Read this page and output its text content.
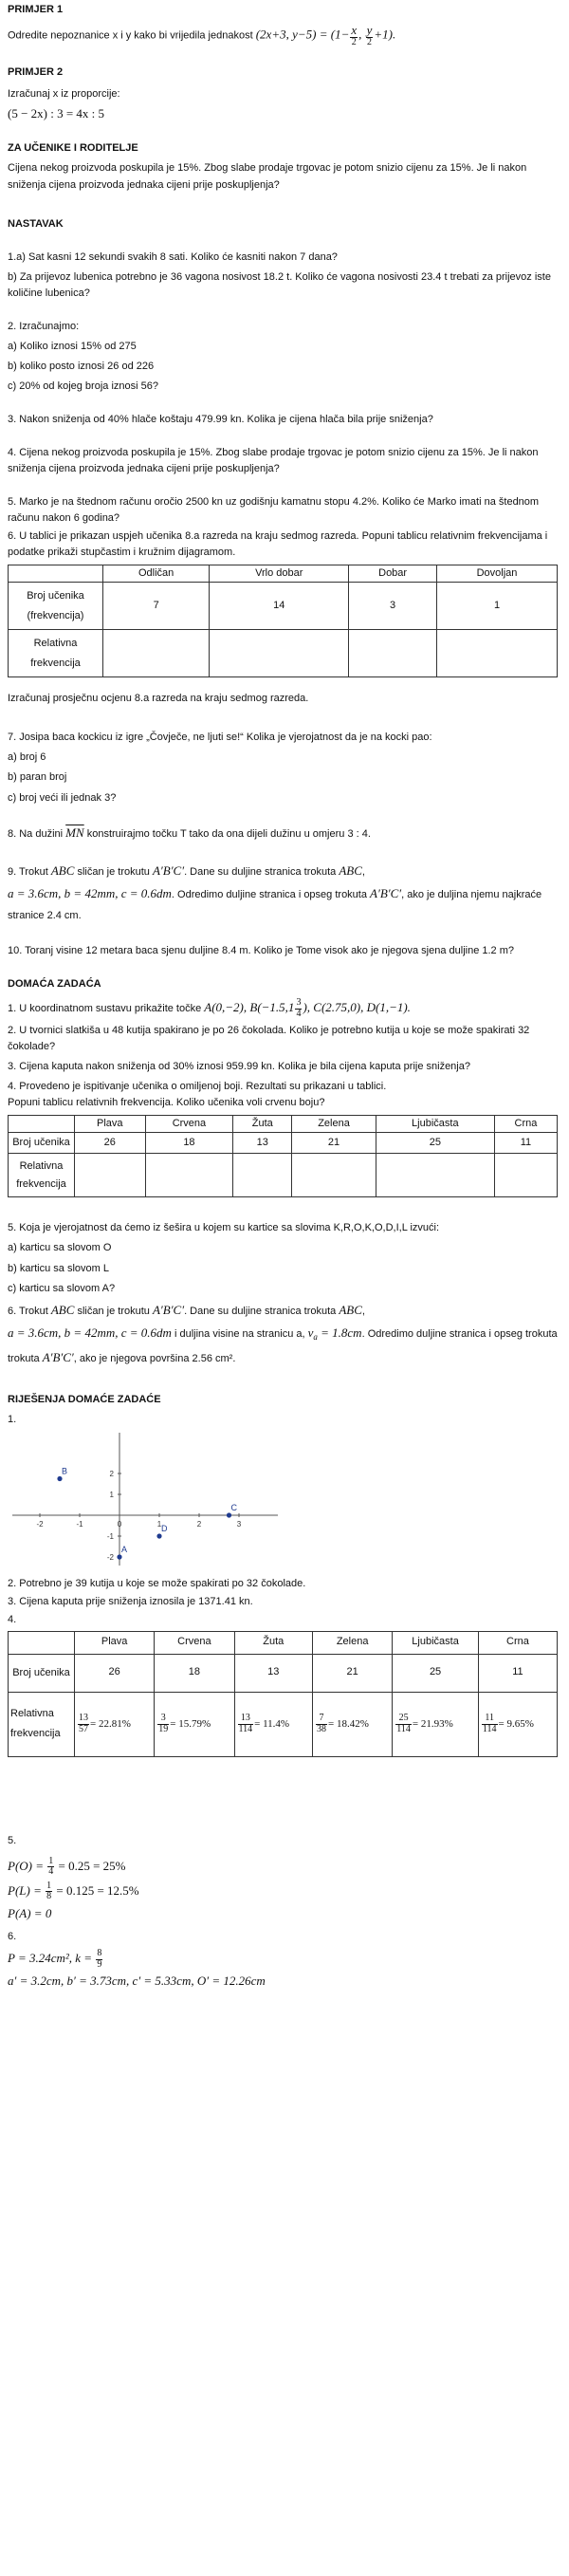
PRIMJER 1
Odredite nepoznanice x i y kako bi vrijedila jednakost (2x+3, $y-5) = (1- \frac{x}{2}$ , $\frac{y}{2} +1$).
PRIMJER 2
Izračunaj x iz proporcije:
(5 − 2x) : 3 = 4x : 5
ZA UČENIKE I RODITELJE
Cijena nekog proizvoda poskupila je 15%. Zbog slabe prodaje trgovac je potom snizio cijenu za 15%. Je li nakon sniženja cijena proizvoda jednaka cijeni prije poskupljenja?
NASTAVAK
1.a) Sat kasni 12 sekundi svakih 8 sati. Koliko će kasniti nakon 7 dana?
b) Za prijevoz lubenica potrebno je 36 vagona nosivost 18.2 t. Koliko će vagona nosivosti 23.4 t trebati za prijevoz iste količine lubenica?
2. Izračunajmo:
a) Koliko iznosi 15% od 275
b) koliko posto iznosi 26 od 226
c) 20% od kojeg broja iznosi 56?
3. Nakon sniženja od 40% hlače koštaju 479.99 kn. Kolika je cijena hlača bila prije sniženja?
4. Cijena nekog proizvoda poskupila je 15%. Zbog slabe prodaje trgovac je potom snizio cijenu za 15%. Je li nakon sniženja cijena proizvoda jednaka cijeni prije poskupljenja?
5. Marko je na štednom računu oročio 2500 kn uz godišnju kamatnu stopu 4.2%. Koliko će Marko imati na štednom računu nakon 6 godina?
6. U tablici je prikazan uspjeh učenika 8.a razreda na kraju sedmog razreda. Popuni tablicu relativnim frekvencijama i podatke prikaži stupčastim i kružnim dijagramom.
	Odličan	Vrlo dobar	Dobar	Dovoljan
Broj učenika (frekvencija)	7	14	3	1
Relativna frekvencija				
Izračunaj prosječnu ocjenu 8.a razreda na kraju sedmog razreda.
7. Josipa baca kockicu iz igre „Čovječe, ne ljuti se!“ Kolika je vjerojatnost da je na kocki pao:
a) broj 6
b) paran broj
c) broj veći ili jednak 3?
8. Na dužini $\overline{MN}$ konstruirajmo točku T tako da ona dijeli dužinu u omjeru 3 : 4.
9. Trokut ABC sličan je trokutu A′B′C′. Dane su duljine stranica trokuta ABC,
a = 3.6cm, b = 42mm, c = 0.6dm. Odredimo duljine stranica i opseg trokuta A′B′C′, ako je duljina njemu najkraće stranice 2.4 cm.
10. Toranj visine 12 metara baca sjenu duljine 8.4 m. Koliko je Tome visok ako je njegova sjena duljine 1.2 m?
DOMAĆA ZADAĆA
1. U koordinatnom sustavu prikažite točke A(0,−2), $B(-1.5,1 \frac{3}{4}$ ), C(2.75,0), D(1,−1).
2. U tvornici slatkiša u 48 kutija spakirano je po 26 čokolada. Koliko je potrebno kutija u koje se može spakirati 32 čokolade?
3. Cijena kaputa nakon sniženja od 30% iznosi 959.99 kn. Kolika je bila cijena kaputa prije sniženja?
4. Provedeno je ispitivanje učenika o omiljenoj boji. Rezultati su prikazani u tablici.
Popuni tablicu relativnih frekvencija. Koliko učenika voli crvenu boju?
	Plava	Crvena	Žuta	Zelena	Ljubičasta	Crna
Broj učenika	26	18	13	21	25	11
Relativna frekvencija						
5. Koja je vjerojatnost da ćemo iz šešira u kojem su kartice sa slovima K,R,O,K,O,D,I,L izvući:
a) karticu sa slovom O
b) karticu sa slovom L
c) karticu sa slovom A?
6. Trokut ABC sličan je trokutu A′B′C′. Dane su duljine stranica trokuta ABC,
a = 3.6cm, b = 42mm, c = 0.6dm i duljina visine na stranicu a, $v_a = 1.8cm$. Odredimo duljine stranica i opseg trokuta
trokuta A′B′C′, ako je njegova površina 2.56 cm².
RIJEŠENJA DOMAĆE ZADAĆE
1.
-2	-1	0	1	2	3
2
1
-1
-2
B
C
D
A
2. Potrebno je 39 kutija u koje se može spakirati po 32 čokolade.
3. Cijena kaputa prije sniženja iznosila je 1371.41 kn.
4.
	Plava	Crvena	Žuta	Zelena	Ljubičasta	Crna
Broj učenika	26	18	13	21	25	11
Relativna frekvencija	$\frac{13}{57} = 22.81\%$	$\frac{3}{19} = 15.79\%$	$\frac{13}{114} = 11.4\%$	$\frac{7}{38} = 18.42\%$	$\frac{25}{114} = 21.93\%$	$\frac{11}{114} = 9.65\%$
5.
$P(O) = \frac{1}{4} = 0.25 = 25\%$
$P(L) = \frac{1}{8} = 0.125 = 12.5\%$
P(A) = 0
6.
P = 3.24cm², $k = \frac{8}{9}$
a′ = 3.2cm, b′ = 3.73cm, c′ = 5.33cm, O′ = 12.26cm
